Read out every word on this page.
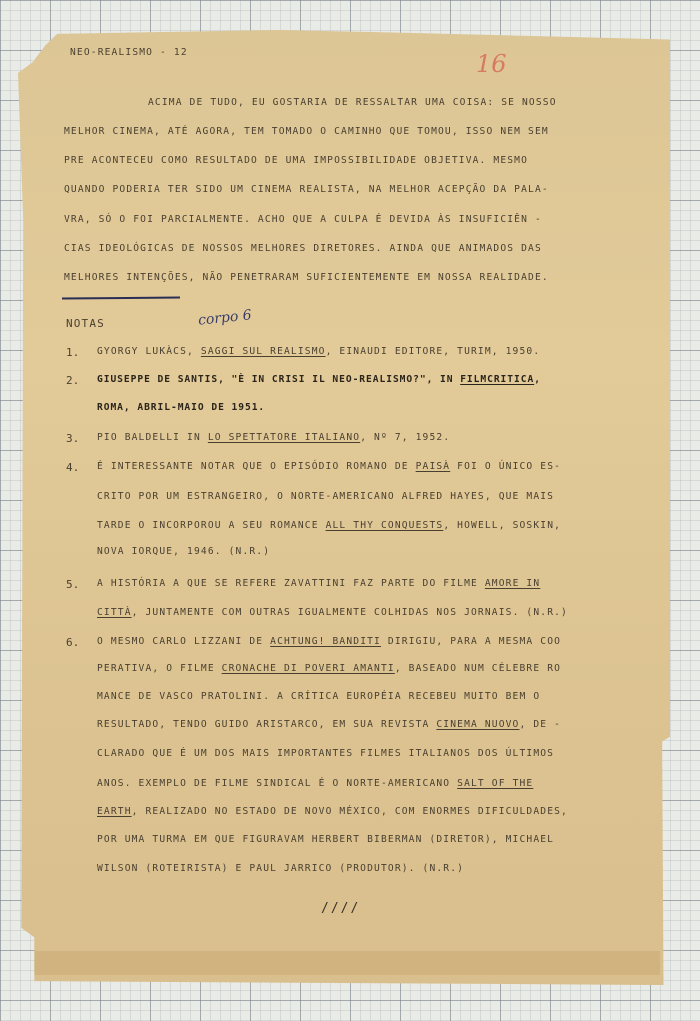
NEO-REALISMO - 12	16
ACIMA DE TUDO, EU GOSTARIA DE RESSALTAR UMA COISA: SE NOSSO
MELHOR CINEMA, ATÉ AGORA, TEM TOMADO O CAMINHO QUE TOMOU, ISSO NEM SEM
PRE ACONTECEU COMO RESULTADO DE UMA IMPOSSIBILIDADE OBJETIVA. MESMO
QUANDO PODERIA TER SIDO UM CINEMA REALISTA, NA MELHOR ACEPÇÃO DA PALA-
VRA, SÓ O FOI PARCIALMENTE. ACHO QUE A CULPA É DEVIDA ÀS INSUFICIÊN -
CIAS IDEOLÓGICAS DE NOSSOS MELHORES DIRETORES. AINDA QUE ANIMADOS DAS
MELHORES INTENÇÕES, NÃO PENETRARAM SUFICIENTEMENTE EM NOSSA REALIDADE.
NOTAS	corpo 6
1. GYORGY LUKÀCS, SAGGI SUL REALISMO, EINAUDI EDITORE, TURIM, 1950.
2. GIUSEPPE DE SANTIS, "È IN CRISI IL NEO-REALISMO?", IN FILMCRITICA,
ROMA, ABRIL-MAIO DE 1951.
3. PIO BALDELLI IN LO SPETTATORE ITALIANO, Nº 7, 1952.
4. É INTERESSANTE NOTAR QUE O EPISÓDIO ROMANO DE PAISÀ FOI O ÚNICO ES-
CRITO POR UM ESTRANGEIRO, O NORTE-AMERICANO ALFRED HAYES, QUE MAIS
TARDE O INCORPOROU A SEU ROMANCE ALL THY CONQUESTS, HOWELL, SOSKIN,
NOVA IORQUE, 1946. (N.R.)
5. A HISTÓRIA A QUE SE REFERE ZAVATTINI FAZ PARTE DO FILME AMORE IN
CITTÀ, JUNTAMENTE COM OUTRAS IGUALMENTE COLHIDAS NOS JORNAIS. (N.R.)
6. O MESMO CARLO LIZZANI DE ACHTUNG! BANDITI DIRIGIU, PARA A MESMA COO
PERATIVA, O FILME CRONACHE DI POVERI AMANTI, BASEADO NUM CÉLEBRE RO
MANCE DE VASCO PRATOLINI. A CRÍTICA EUROPÉIA RECEBEU MUITO BEM O
RESULTADO, TENDO GUIDO ARISTARCO, EM SUA REVISTA CINEMA NUOVO, DE -
CLARADO QUE É UM DOS MAIS IMPORTANTES FILMES ITALIANOS DOS ÚLTIMOS
ANOS. EXEMPLO DE FILME SINDICAL É O NORTE-AMERICANO SALT OF THE
EARTH, REALIZADO NO ESTADO DE NOVO MÉXICO, COM ENORMES DIFICULDADES,
POR UMA TURMA EM QUE FIGURAVAM HERBERT BIBERMAN (DIRETOR), MICHAEL
WILSON (ROTEIRISTA) E PAUL JARRICO (PRODUTOR). (N.R.)
////
